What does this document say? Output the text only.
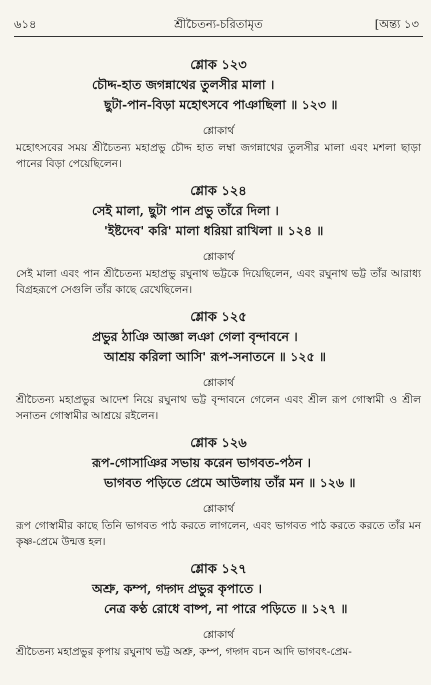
৬১৪	শ্রীচৈতন্য-চরিতামৃত	[অন্ত্য ১৩
শ্লোক ১২৩
চৌদ্দ-হাত জগন্নাথের তুলসীর মালা ।
ছুটা-পান-বিড়া মহোৎসবে পাঞাছিলা ॥ ১২৩ ॥
শ্লোকার্থ
মহোৎসবের সময় শ্রীচৈতন্য মহাপ্রভু চৌদ্দ হাত লম্বা জগন্নাথের তুলসীর মালা এবং মশলা ছাড়া পানের বিড়া পেয়েছিলেন।
শ্লোক ১২৪
সেই মালা, ছুটা পান প্রভু তাঁরে দিলা ।
'ইষ্টদেব' করি' মালা ধরিয়া রাখিলা ॥ ১২৪ ॥
শ্লোকার্থ
সেই মালা এবং পান শ্রীচৈতন্য মহাপ্রভু রঘুনাথ ভট্টকে দিয়েছিলেন, এবং রঘুনাথ ভট্ট তাঁর আরাধ্য বিগ্রহরূপে সেগুলি তাঁর কাছে রেখেছিলেন।
শ্লোক ১২৫
প্রভুর ঠাঞি আজ্ঞা লঞা গেলা বৃন্দাবনে ।
আশ্রয় করিলা আসি' রূপ-সনাতনে ॥ ১২৫ ॥
শ্লোকার্থ
শ্রীচৈতন্য মহাপ্রভুর আদেশ নিয়ে রঘুনাথ ভট্ট বৃন্দাবনে গেলেন এবং শ্রীল রূপ গোস্বামী ও শ্রীল সনাতন গোস্বামীর আশ্রয়ে রইলেন।
শ্লোক ১২৬
রূপ-গোসাঞির সভায় করেন ভাগবত-পঠন ।
ভাগবত পড়িতে প্রেমে আউলায় তাঁর মন ॥ ১২৬ ॥
শ্লোকার্থ
রূপ গোস্বামীর কাছে তিনি ভাগবত পাঠ করতে লাগলেন, এবং ভাগবত পাঠ করতে করতে তাঁর মন কৃষ্ণ-প্রেমে উন্মত্ত হল।
শ্লোক ১২৭
অশ্রু, কম্প, গদ্গদ প্রভুর কৃপাতে ।
নেত্র কণ্ঠ রোধে বাষ্প, না পারে পড়িতে ॥ ১২৭ ॥
শ্লোকার্থ
শ্রীচৈতন্য মহাপ্রভুর কৃপায় রঘুনাথ ভট্ট অশ্রু, কম্প, গদ্গদ বচন আদি ভাগবৎ-প্রেম-
